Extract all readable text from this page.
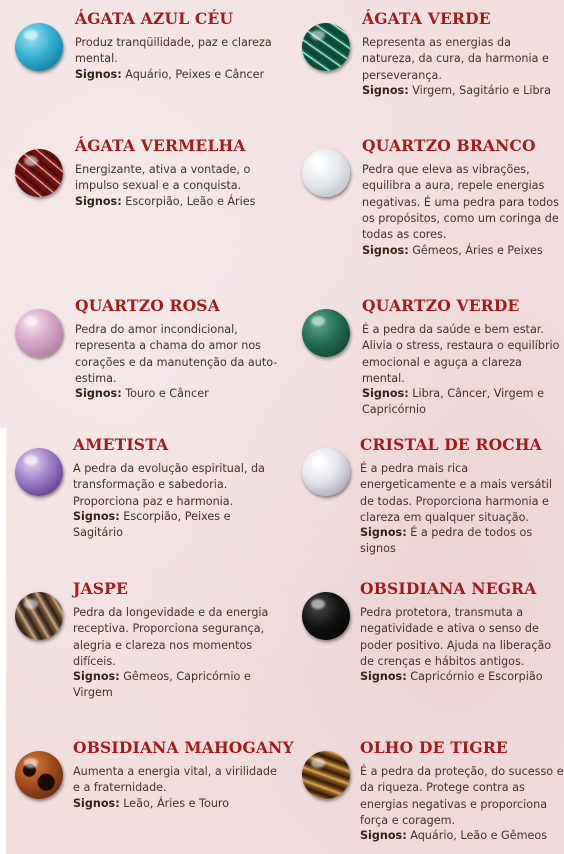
ÁGATA AZUL CÉU

Produz tranqüilidade, paz e clareza mental.

Signos: Aquário, Peixes e Câncer

ÁGATA VERDE

Representa as energias da natureza, da cura, da harmonia e perseverança.

Signos: Virgem, Sagitário e Libra

ÁGATA VERMELHA

Energizante, ativa a vontade, o impulso sexual e a conquista.

Signos: Escorpião, Leão e Áries

QUARTZO BRANCO

Pedra que eleva as vibrações, equilibra a aura, repele energias negativas. É uma pedra para todos os propósitos, como um coringa de todas as cores.

Signos: Gêmeos, Áries e Peixes

QUARTZO ROSA

Pedra do amor incondicional, representa a chama do amor nos corações e da manutenção da auto-estima.

Signos: Touro e Câncer

QUARTZO VERDE

É a pedra da saúde e bem estar. Alivia o stress, restaura o equilíbrio emocional e aguça a clareza mental.

Signos: Libra, Câncer, Virgem e Capricórnio

AMETISTA

A pedra da evolução espiritual, da transformação e sabedoria. Proporciona paz e harmonia.

Signos: Escorpião, Peixes e Sagitário

CRISTAL DE ROCHA

É a pedra mais rica energeticamente e a mais versátil de todas. Proporciona harmonia e clareza em qualquer situação.

Signos: É a pedra de todos os signos

JASPE

Pedra da longevidade e da energia receptiva. Proporciona segurança, alegria e clareza nos momentos difíceis.

Signos: Gêmeos, Capricórnio e Virgem

OBSIDIANA NEGRA

Pedra protetora, transmuta a negatividade e ativa o senso de poder positivo. Ajuda na liberação de crenças e hábitos antigos.

Signos: Capricórnio e Escorpião

OBSIDIANA MAHOGANY

Aumenta a energia vital, a virilidade e a fraternidade.

Signos: Leão, Áries e Touro

OLHO DE TIGRE

É a pedra da proteção, do sucesso e da riqueza. Protege contra as energias negativas e proporciona força e coragem.

Signos: Aquário, Leão e Gêmeos
